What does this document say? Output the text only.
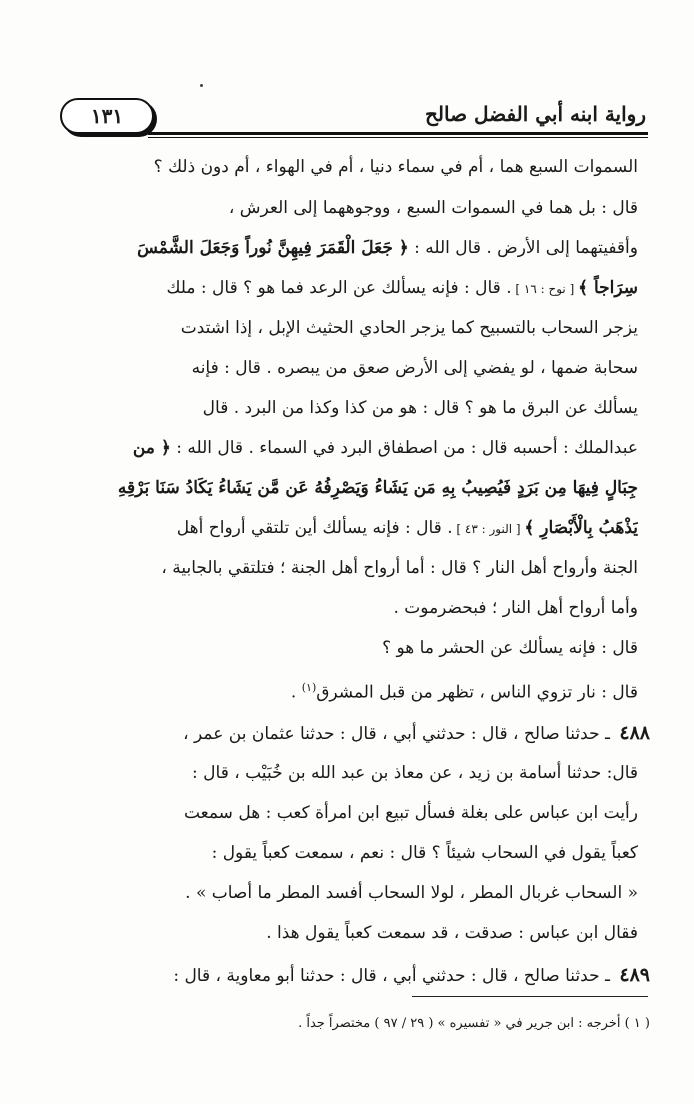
رواية ابنه أبي الفضل صالح
١٣١
السموات السبع هما ، أم في سماء دنيا ، أم في الهواء ، أم دون ذلك ؟
قال : بل هما في السموات السبع ، ووجوههما إلى العرش ،
وأقفيتهما إلى الأرض . قال الله : ﴿ جَعَلَ الْقَمَرَ فِيهِنَّ نُوراً وَجَعَلَ الشَّمْسَ
سِرَاجاً ﴾ [ نوح : ١٦ ] . قال : فإنه يسألك عن الرعد فما هو ؟ قال : ملك
يزجر السحاب بالتسبيح كما يزجر الحادي الحثيث الإبل ، إذا اشتدت
سحابة ضمها ، لو يفضي إلى الأرض صعق من يبصره . قال : فإنه
يسألك عن البرق ما هو ؟ قال : هو من كذا وكذا من البرد . قال
عبدالملك : أحسبه قال : من اصطفاق البرد في السماء . قال الله : ﴿ من
جِبَالٍ فِيهَا مِن بَرَدٍ فَيُصِيبُ بِهِ مَن يَشَاءُ وَيَصْرِفُهُ عَن مَّن يَشَاءُ يَكَادُ سَنَا بَرْقِهِ
يَذْهَبُ بِالْأَبْصَارِ ﴾ [ النور : ٤٣ ] . قال : فإنه يسألك أين تلتقي أرواح أهل
الجنة وأرواح أهل النار ؟ قال : أما أرواح أهل الجنة ؛ فتلتقي بالجابية ،
وأما أرواح أهل النار ؛ فبحضرموت .
قال : فإنه يسألك عن الحشر ما هو ؟
قال : نار تزوي الناس ، تظهر من قبل المشرق$^{(١)}$ .
٤٨٨ ـ حدثنا صالح ، قال : حدثني أبي ، قال : حدثنا عثمان بن عمر ،
قال: حدثنا أسامة بن زيد ، عن معاذ بن عبد الله بن خُبَيْب ، قال :
رأيت ابن عباس على بغلة فسأل تبيع ابن امرأة كعب : هل سمعت
كعباً يقول في السحاب شيئاً ؟ قال : نعم ، سمعت كعباً يقول :
« السحاب غربال المطر ، لولا السحاب أفسد المطر ما أصاب » .
فقال ابن عباس : صدقت ، قد سمعت كعباً يقول هذا .
٤٨٩ ـ حدثنا صالح ، قال : حدثني أبي ، قال : حدثنا أبو معاوية ، قال :
( ١ ) أخرجه : ابن جرير في « تفسيره » ( ٢٩ / ٩٧ ) مختصراً جداً .
